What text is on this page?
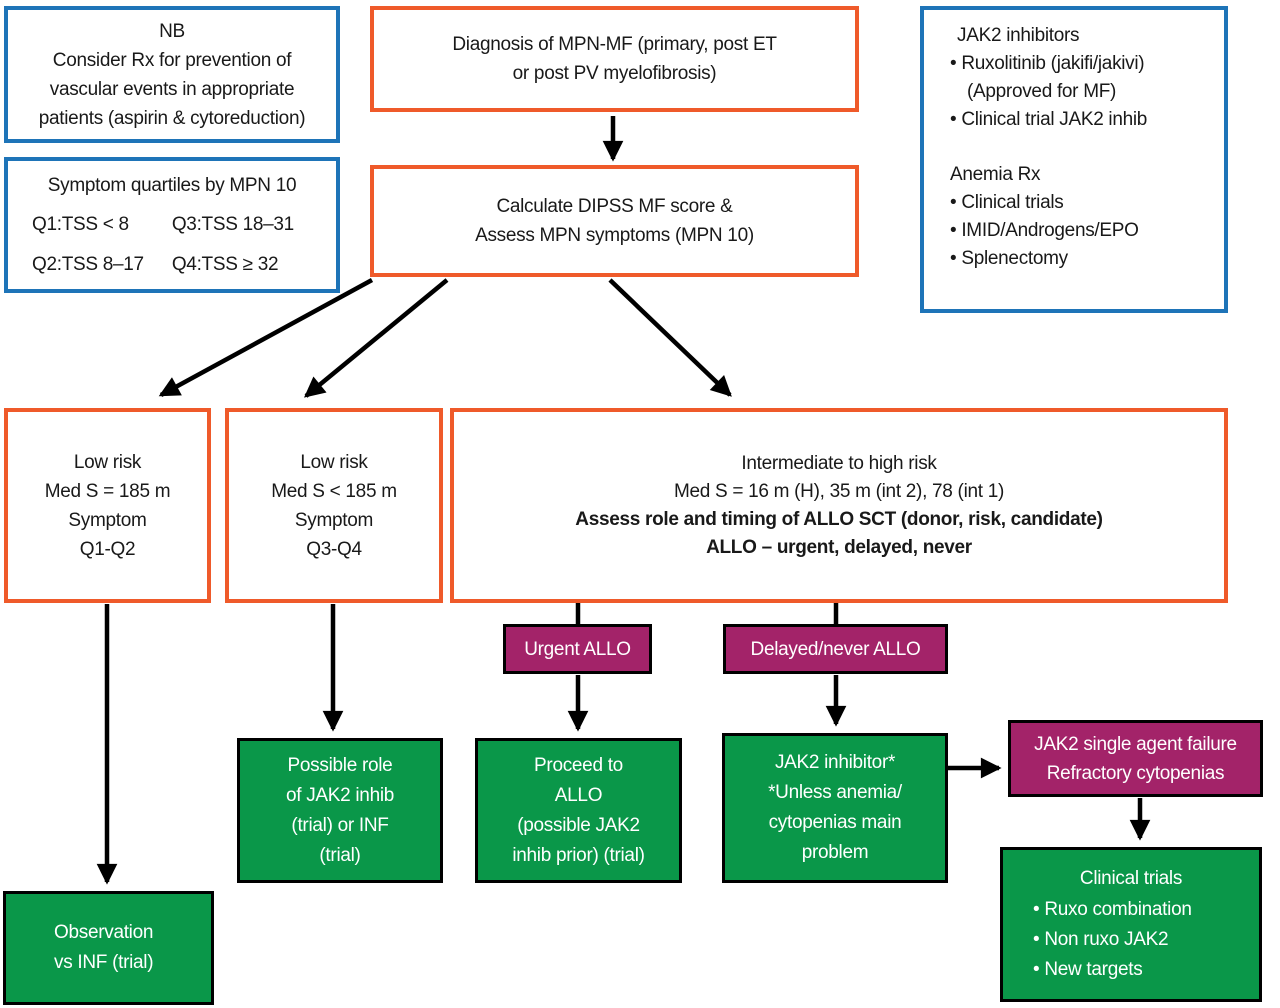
NB
Consider Rx for prevention of
vascular events in appropriate
patients (aspirin & cytoreduction)
Symptom quartiles by MPN 10
Q1:TSS < 8	Q3:TSS 18–31
Q2:TSS 8–17	Q4:TSS ≥ 32
Diagnosis of MPN-MF (primary, post ET
or post PV myelofibrosis)
Calculate DIPSS MF score &
Assess MPN symptoms (MPN 10)
JAK2 inhibitors
• Ruxolitinib (jakifi/jakivi)
(Approved for MF)
• Clinical trial JAK2 inhib
Anemia Rx
• Clinical trials
• IMID/Androgens/EPO
• Splenectomy
Low risk
Med S = 185 m
Symptom
Q1-Q2
Low risk
Med S < 185 m
Symptom
Q3-Q4
Intermediate to high risk
Med S = 16 m (H), 35 m (int 2), 78 (int 1)
Assess role and timing of ALLO SCT (donor, risk, candidate)
ALLO – urgent, delayed, never
Urgent ALLO	Delayed/never ALLO
Possible role
of JAK2 inhib
(trial) or INF
(trial)
Proceed to
ALLO
(possible JAK2
inhib prior) (trial)
JAK2 inhibitor*
*Unless anemia/
cytopenias main
problem
JAK2 single agent failure
Refractory cytopenias
Clinical trials
• Ruxo combination
• Non ruxo JAK2
• New targets
Observation
vs INF (trial)
